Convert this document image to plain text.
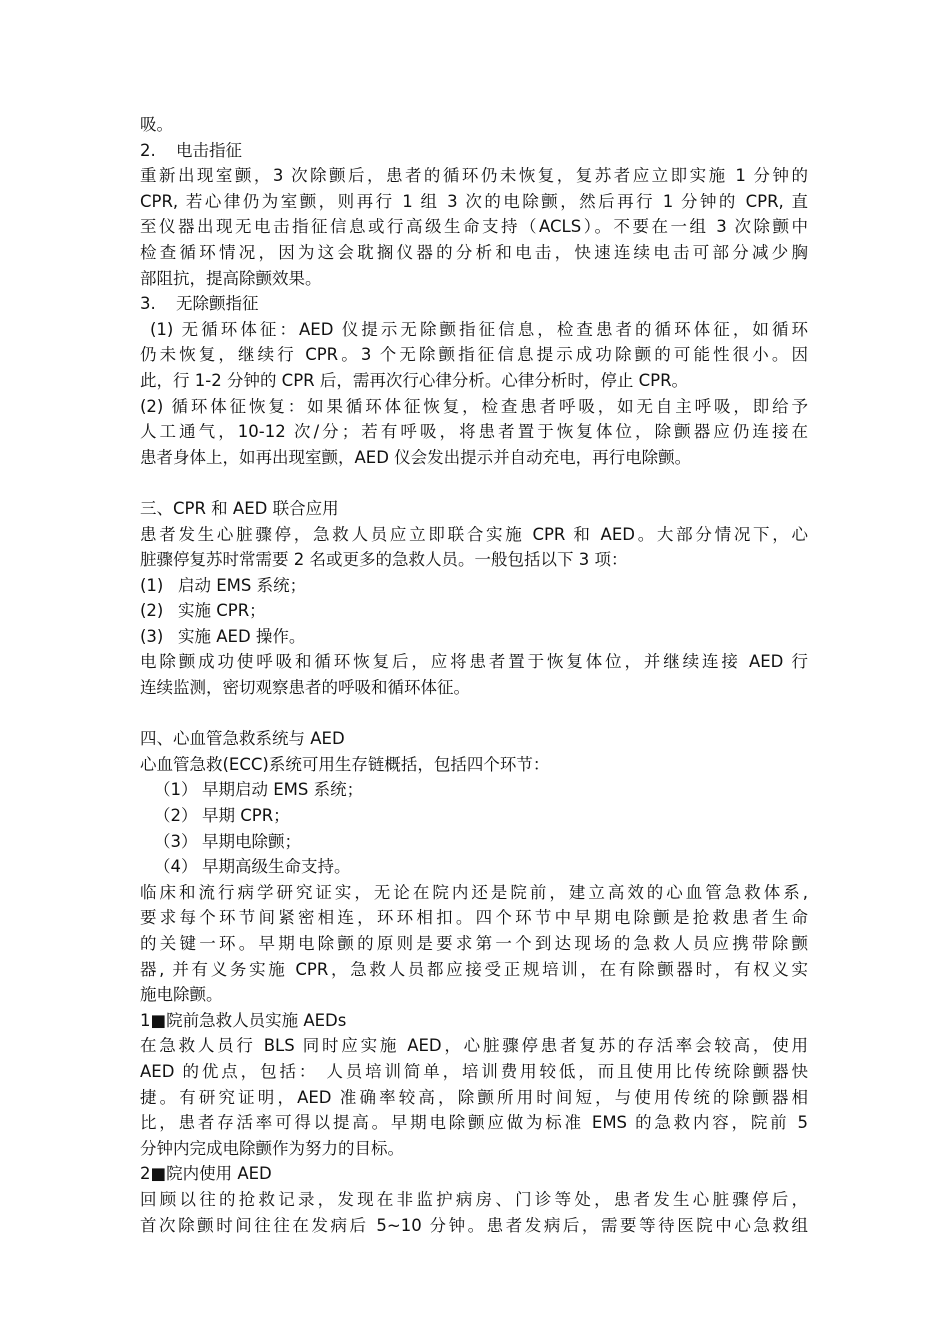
吸。
2. 电击指征
重新出现室颤，3 次除颤后，患者的循环仍未恢复，复苏者应立即实施 1 分钟的
CPR, 若心律仍为室颤，则再行 1 组 3 次的电除颤，然后再行 1 分钟的 CPR, 直
至仪器出现无电击指征信息或行高级生命支持（ACLS）。不要在一组 3 次除颤中
检查循环情况，因为这会耽搁仪器的分析和电击，快速连续电击可部分减少胸
部阻抗，提高除颤效果。
3. 无除颤指征
(1) 无循环体征：AED 仪提示无除颤指征信息，检查患者的循环体征，如循环
仍未恢复，继续行 CPR。3 个无除颤指征信息提示成功除颤的可能性很小。因
此，行 1-2 分钟的 CPR 后，需再次行心律分析。心律分析时，停止 CPR。
(2) 循环体征恢复：如果循环体征恢复，检查患者呼吸，如无自主呼吸，即给予
人工通气，10-12 次/分；若有呼吸，将患者置于恢复体位，除颤器应仍连接在
患者身体上，如再出现室颤，AED 仪会发出提示并自动充电，再行电除颤。
三、CPR 和 AED 联合应用
患者发生心脏骤停，急救人员应立即联合实施 CPR 和 AED。大部分情况下，心
脏骤停复苏时常需要 2 名或更多的急救人员。一般包括以下 3 项：
(1) 启动 EMS 系统；
(2) 实施 CPR；
(3) 实施 AED 操作。
电除颤成功使呼吸和循环恢复后，应将患者置于恢复体位，并继续连接 AED 行
连续监测，密切观察患者的呼吸和循环体征。
四、心血管急救系统与 AED
心血管急救(ECC)系统可用生存链概括，包括四个环节：
（1） 早期启动 EMS 系统；
（2） 早期 CPR；
（3） 早期电除颤；
（4） 早期高级生命支持。
临床和流行病学研究证实，无论在院内还是院前，建立高效的心血管急救体系,
要求每个环节间紧密相连，环环相扣。四个环节中早期电除颤是抢救患者生命
的关键一环。早期电除颤的原则是要求第一个到达现场的急救人员应携带除颤
器, 并有义务实施 CPR，急救人员都应接受正规培训，在有除颤器时，有权义实
施电除颤。
1■院前急救人员实施 AEDs
在急救人员行 BLS 同时应实施 AED，心脏骤停患者复苏的存活率会较高，使用
AED 的优点，包括： 人员培训简单，培训费用较低，而且使用比传统除颤器快
捷。有研究证明，AED 准确率较高，除颤所用时间短，与使用传统的除颤器相
比，患者存活率可得以提高。早期电除颤应做为标准 EMS 的急救内容，院前 5
分钟内完成电除颤作为努力的目标。
2■院内使用 AED
回顾以往的抢救记录，发现在非监护病房、门诊等处，患者发生心脏骤停后，
首次除颤时间往往在发病后 5~10 分钟。患者发病后，需要等待医院中心急救组
